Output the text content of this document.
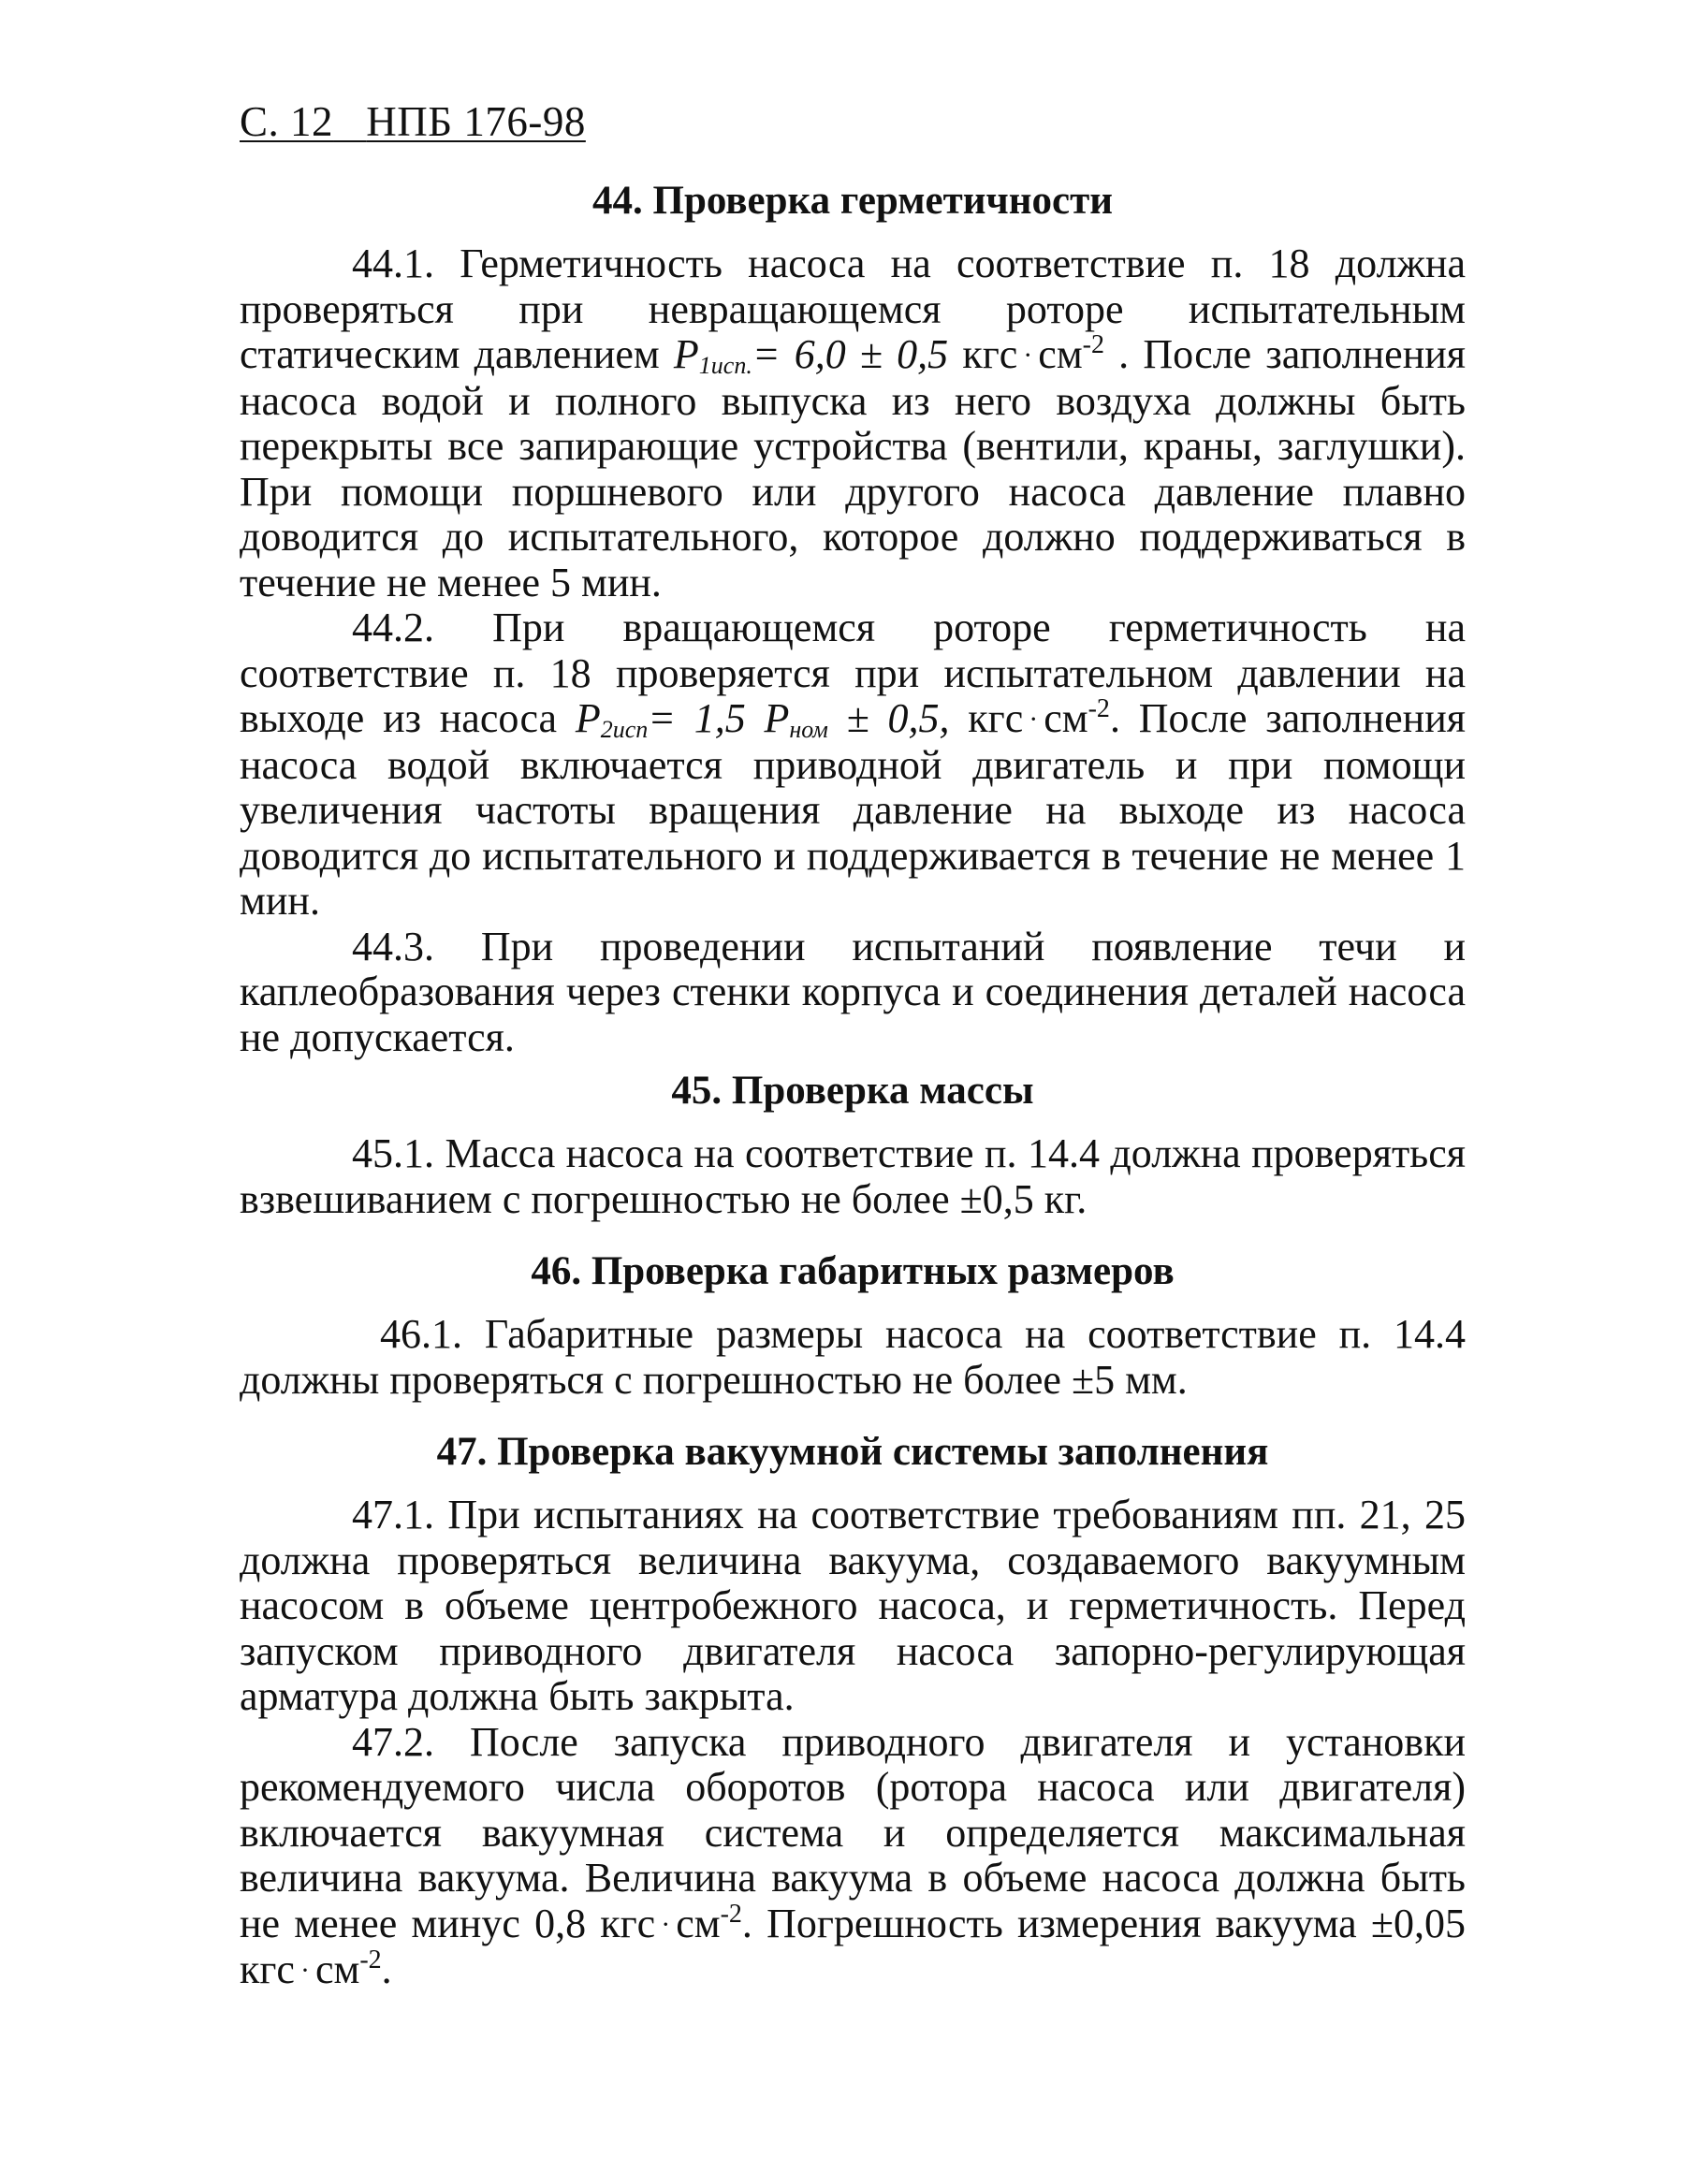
С. 12 НПБ 176-98
44. Проверка герметичности

44.1. Герметичность насоса на соответствие п. 18 должна проверяться при невращающемся роторе испытательным статическим давлением $P_{1исп.}= 6,0 \pm 0,5$ кгс · $см^{-2}$ . После заполнения насоса водой и полного выпуска из него воздуха должны быть перекрыты все запирающие устройства (вентили, краны, заглушки). При помощи поршневого или другого насоса давление плавно доводится до испытательного, которое должно поддерживаться в течение не менее 5 мин.

44.2. При вращающемся роторе герметичность на соответствие п. 18 проверяется при испытательном давлении на выходе из насоса $P_{2исп}= 1,5$ $P_{ном} \pm 0,5$, кгс · $см^{-2}$. После заполнения насоса водой включается приводной двигатель и при помощи увеличения частоты вращения давление на выходе из насоса доводится до испытательного и поддерживается в течение не менее 1 мин.

44.3. При проведении испытаний появление течи и каплеобразования через стенки корпуса и соединения деталей насоса не допускается.

45. Проверка массы

45.1. Масса насоса на соответствие п. 14.4 должна проверяться взвешиванием с погрешностью не более ±0,5 кг.

46. Проверка габаритных размеров

46.1. Габаритные размеры насоса на соответствие п. 14.4 должны проверяться с погрешностью не более ±5 мм.

47. Проверка вакуумной системы заполнения

47.1. При испытаниях на соответствие требованиям пп. 21, 25 должна проверяться величина вакуума, создаваемого вакуумным насосом в объеме центробежного насоса, и герметичность. Перед запуском приводного двигателя насоса запорно-регулирующая арматура должна быть закрыта.

47.2. После запуска приводного двигателя и установки рекомендуемого числа оборотов (ротора насоса или двигателя) включается вакуумная система и определяется максимальная величина вакуума. Величина вакуума в объеме насоса должна быть не менее минус 0,8 кгс · $см^{-2}$. Погрешность измерения вакуума ±0,05 кгс · $см^{-2}$.
